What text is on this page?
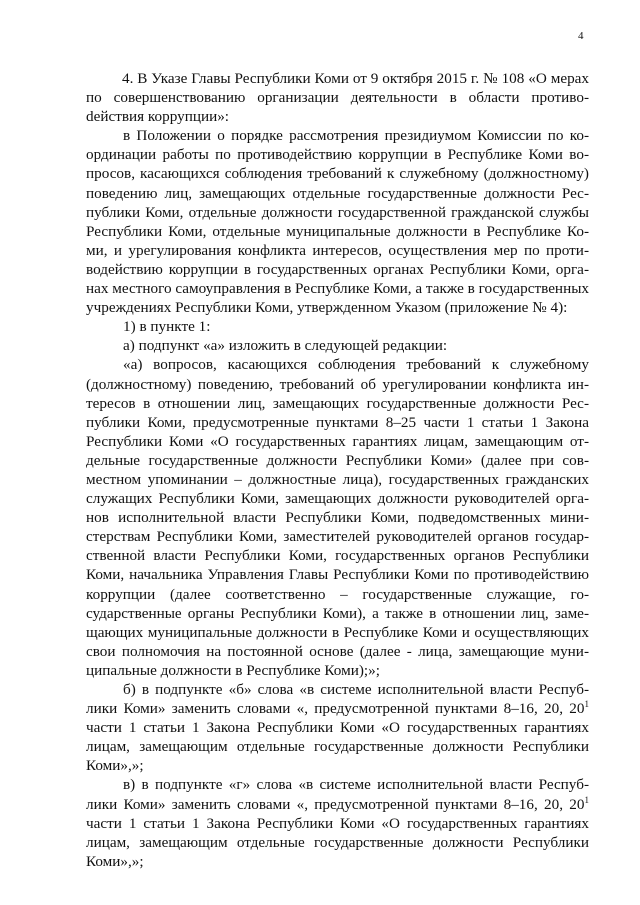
4

4. В Указе Главы Республики Коми от 9 октября 2015 г. № 108 «О мерах по совершенствованию организации деятельности в области противоdействия коррупции»:

в Положении о порядке рассмотрения президиумом Комиссии по координации работы по противодействию коррупции в Республике Коми вопросов, касающихся соблюдения требований к служебному (должностному) поведению лиц, замещающих отдельные государственные должности Республики Коми, отдельные должности государственной гражданской службы Республики Коми, отдельные муниципальные должности в Республике Коми, и урегулирования конфликта интересов, осуществления мер по противодействию коррупции в государственных органах Республики Коми, органах местного самоуправления в Республике Коми, а также в государственных учреждениях Республики Коми, утвержденном Указом (приложение № 4):

1) в пункте 1:

а) подпункт «а» изложить в следующей редакции:

«а) вопросов, касающихся соблюдения требований к служебному (должностному) поведению, требований об урегулировании конфликта интересов в отношении лиц, замещающих государственные должности Республики Коми, предусмотренные пунктами 8–25 части 1 статьи 1 Закона Республики Коми «О государственных гарантиях лицам, замещающим отдельные государственные должности Республики Коми» (далее при совместном упоминании – должностные лица), государственных гражданских служащих Республики Коми, замещающих должности руководителей органов исполнительной власти Республики Коми, подведомственных министерствам Республики Коми, заместителей руководителей органов государственной власти Республики Коми, государственных органов Республики Коми, начальника Управления Главы Республики Коми по противодействию коррупции (далее соответственно – государственные служащие, государственные органы Республики Коми), а также в отношении лиц, замещающих муниципальные должности в Республике Коми и осуществляющих свои полномочия на постоянной основе (далее - лица, замещающие муниципальные должности в Республике Коми);»;

б) в подпункте «б» слова «в системе исполнительной власти Республики Коми» заменить словами «, предусмотренной пунктами 8–16, 20, $20^1$ части 1 статьи 1 Закона Республики Коми «О государственных гарантиях лицам, замещающим отдельные государственные должности Республики Коми»,»;

в) в подпункте «г» слова «в системе исполнительной власти Республики Коми» заменить словами «, предусмотренной пунктами 8–16, 20, $20^1$ части 1 статьи 1 Закона Республики Коми «О государственных гарантиях лицам, замещающим отдельные государственные должности Республики Коми»,»;
